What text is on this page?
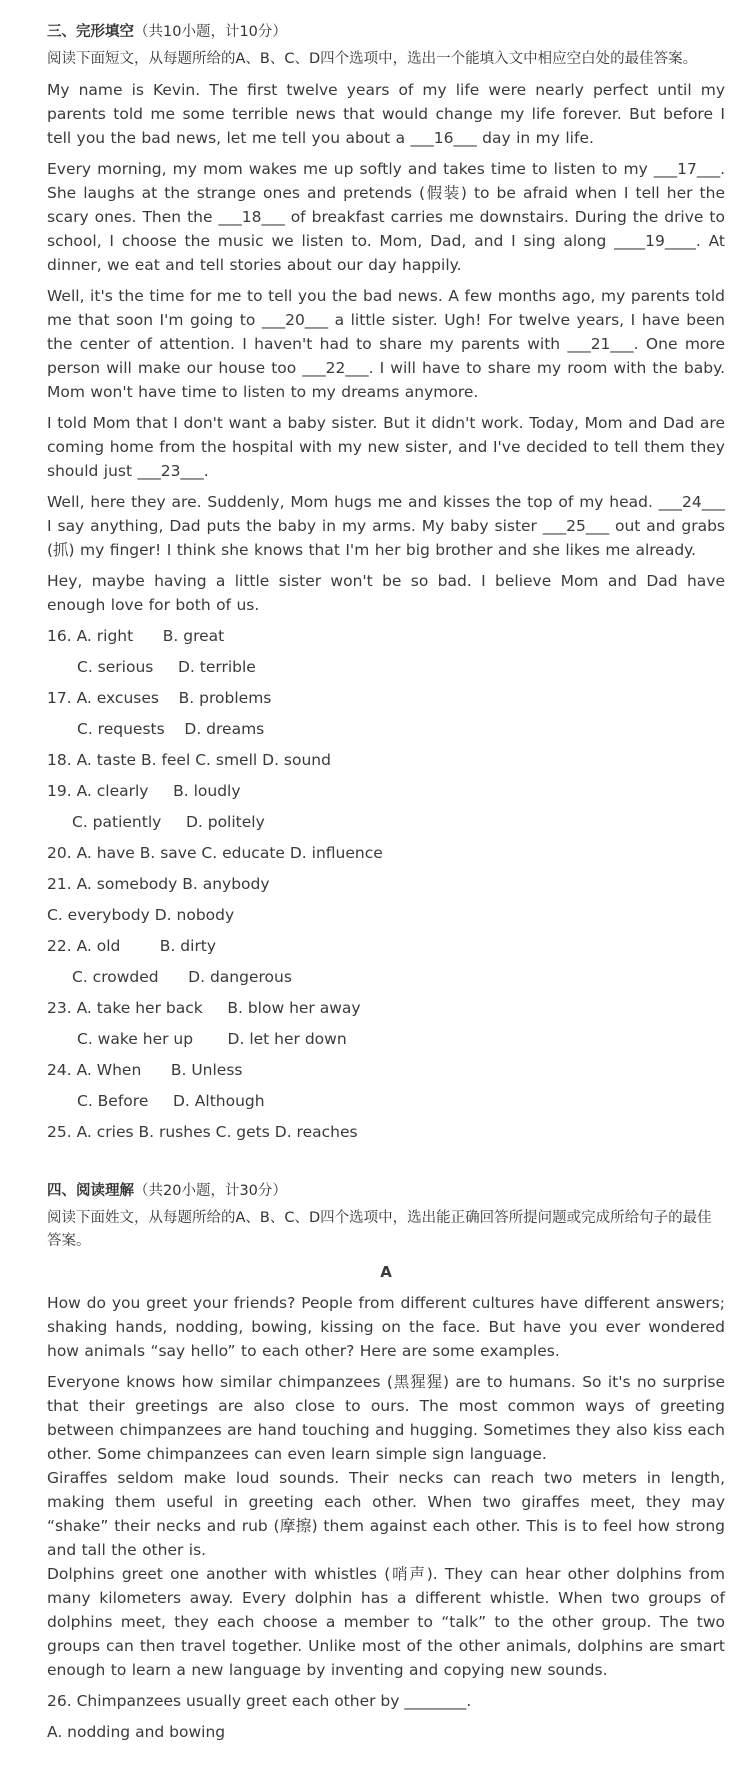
三、完形填空（共10小题，计10分）
阅读下面短文，从每题所给的A、B、C、D四个选项中，选出一个能填入文中相应空白处的最佳答案。
My name is Kevin. The first twelve years of my life were nearly perfect until my parents told me some terrible news that would change my life forever. But before I tell you the bad news, let me tell you about a ___16___ day in my life.
Every morning, my mom wakes me up softly and takes time to listen to my ___17___. She laughs at the strange ones and pretends (假装) to be afraid when I tell her the scary ones. Then the ___18___ of breakfast carries me downstairs. During the drive to school, I choose the music we listen to. Mom, Dad, and I sing along ____19____. At dinner, we eat and tell stories about our day happily.
Well, it's the time for me to tell you the bad news. A few months ago, my parents told me that soon I'm going to ___20___ a little sister. Ugh! For twelve years, I have been the center of attention. I haven't had to share my parents with ___21___. One more person will make our house too ___22___. I will have to share my room with the baby. Mom won't have time to listen to my dreams anymore.
I told Mom that I don't want a baby sister. But it didn't work. Today, Mom and Dad are coming home from the hospital with my new sister, and I've decided to tell them they should just ___23___.
Well, here they are. Suddenly, Mom hugs me and kisses the top of my head. ___24___ I say anything, Dad puts the baby in my arms. My baby sister ___25___ out and grabs (抓) my finger! I think she knows that I'm her big brother and she likes me already.
Hey, maybe having a little sister won't be so bad. I believe Mom and Dad have enough love for both of us.
16. A. right      B. great
C. serious     D. terrible
17. A. excuses    B. problems
C. requests    D. dreams
18. A. taste B. feel C. smell D. sound
19. A. clearly     B. loudly
C. patiently     D. politely
20. A. have B. save C. educate D. influence
21. A. somebody B. anybody
C. everybody D. nobody
22. A. old        B. dirty
C. crowded      D. dangerous
23. A. take her back     B. blow her away
C. wake her up       D. let her down
24. A. When      B. Unless
C. Before     D. Although
25. A. cries B. rushes C. gets D. reaches
四、阅读理解（共20小题，计30分）
阅读下面姓文，从每题所给的A、B、C、D四个选项中，选出能正确回答所提问题或完成所给句子的最佳答案。
A
How do you greet your friends? People from different cultures have different answers; shaking hands, nodding, bowing, kissing on the face. But have you ever wondered how animals “say hello” to each other? Here are some examples.
Everyone knows how similar chimpanzees (黑猩猩) are to humans. So it's no surprise that their greetings are also close to ours. The most common ways of greeting between chimpanzees are hand touching and hugging. Sometimes they also kiss each other. Some chimpanzees can even learn simple sign language.
Giraffes seldom make loud sounds. Their necks can reach two meters in length, making them useful in greeting each other. When two giraffes meet, they may “shake” their necks and rub (摩擦) them against each other. This is to feel how strong and tall the other is.
Dolphins greet one another with whistles (哨声). They can hear other dolphins from many kilometers away. Every dolphin has a different whistle. When two groups of dolphins meet, they each choose a member to “talk” to the other group. The two groups can then travel together. Unlike most of the other animals, dolphins are smart enough to learn a new language by inventing and copying new sounds.
26. Chimpanzees usually greet each other by ________.
A. nodding and bowing
